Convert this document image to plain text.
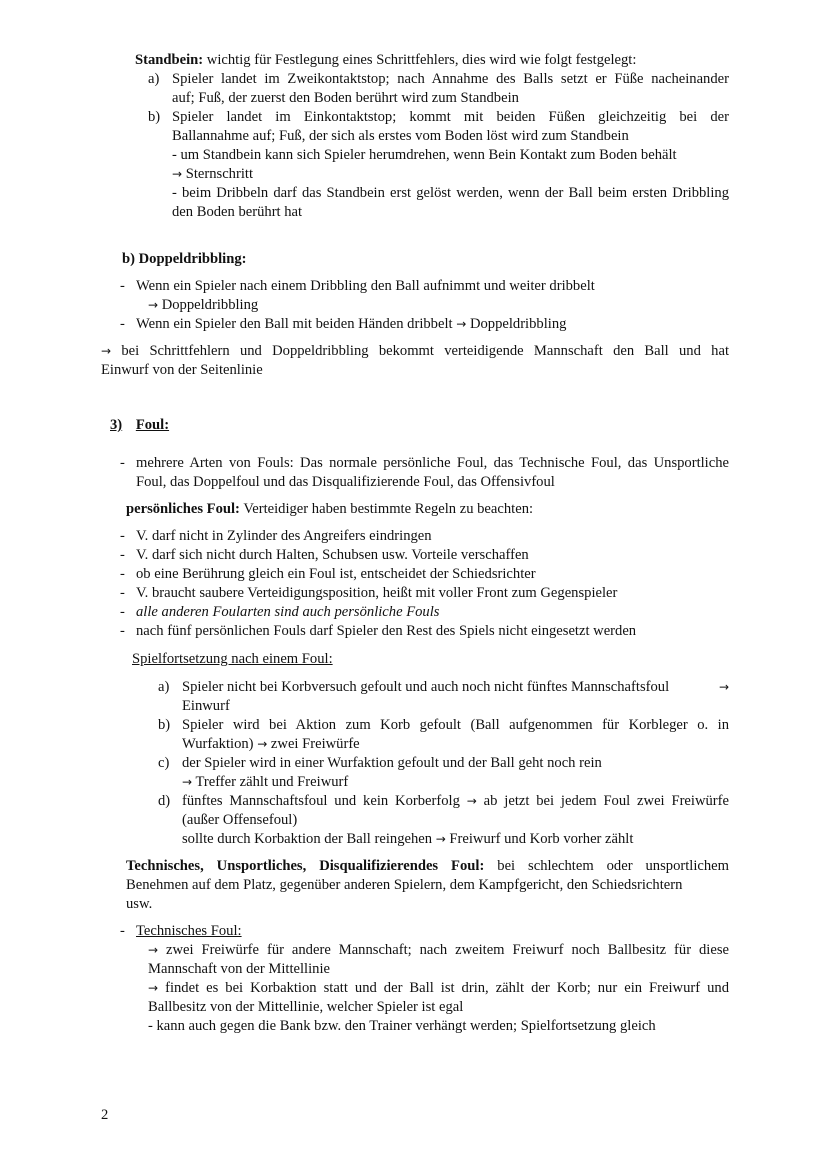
Standbein: wichtig für Festlegung eines Schrittfehlers, dies wird wie folgt festgelegt:
a) Spieler landet im Zweikontaktstop; nach Annahme des Balls setzt er Füße nacheinander
auf; Fuß, der zuerst den Boden berührt wird zum Standbein
b) Spieler landet im Einkontaktstop; kommt mit beiden Füßen gleichzeitig bei der
Ballannahme auf; Fuß, der sich als erstes vom Boden löst wird zum Standbein
- um Standbein kann sich Spieler herumdrehen, wenn Bein Kontakt zum Boden behält
→ Sternschritt
- beim Dribbeln darf das Standbein erst gelöst werden, wenn der Ball beim ersten Dribbling
den Boden berührt hat
b) Doppeldribbling:
- Wenn ein Spieler nach einem Dribbling den Ball aufnimmt und weiter dribbelt
→ Doppeldribbling
- Wenn ein Spieler den Ball mit beiden Händen dribbelt → Doppeldribbling
→ bei Schrittfehlern und Doppeldribbling bekommt verteidigende Mannschaft den Ball und hat
Einwurf von der Seitenlinie
3) Foul:
- mehrere Arten von Fouls: Das normale persönliche Foul, das Technische Foul, das Unsportliche
Foul, das Doppelfoul und das Disqualifizierende Foul, das Offensivfoul
persönliches Foul: Verteidiger haben bestimmte Regeln zu beachten:
- V. darf nicht in Zylinder des Angreifers eindringen
- V. darf sich nicht durch Halten, Schubsen usw. Vorteile verschaffen
- ob eine Berührung gleich ein Foul ist, entscheidet der Schiedsrichter
- V. braucht saubere Verteidigungsposition, heißt mit voller Front zum Gegenspieler
- alle anderen Foularten sind auch persönliche Fouls
- nach fünf persönlichen Fouls darf Spieler den Rest des Spiels nicht eingesetzt werden
Spielfortsetzung nach einem Foul:
a) Spieler nicht bei Korbversuch gefoult und auch noch nicht fünftes Mannschaftsfoul	→
Einwurf
b) Spieler wird bei Aktion zum Korb gefoult (Ball aufgenommen für Korbleger o. in
Wurfaktion) → zwei Freiwürfe
c) der Spieler wird in einer Wurfaktion gefoult und der Ball geht noch rein
→ Treffer zählt und Freiwurf
d) fünftes Mannschaftsfoul und kein Korberfolg → ab jetzt bei jedem Foul zwei Freiwürfe
(außer Offensefoul)
sollte durch Korbaktion der Ball reingehen → Freiwurf und Korb vorher zählt
Technisches, Unsportliches, Disqualifizierendes Foul: bei schlechtem oder unsportlichem
Benehmen auf dem Platz, gegenüber anderen Spielern, dem Kampfgericht, den Schiedsrichtern
usw.
- Technisches Foul:
→ zwei Freiwürfe für andere Mannschaft; nach zweitem Freiwurf noch Ballbesitz für diese
Mannschaft von der Mittellinie
→ findet es bei Korbaktion statt und der Ball ist drin, zählt der Korb; nur ein Freiwurf und
Ballbesitz von der Mittellinie, welcher Spieler ist egal
- kann auch gegen die Bank bzw. den Trainer verhängt werden; Spielfortsetzung gleich
2
